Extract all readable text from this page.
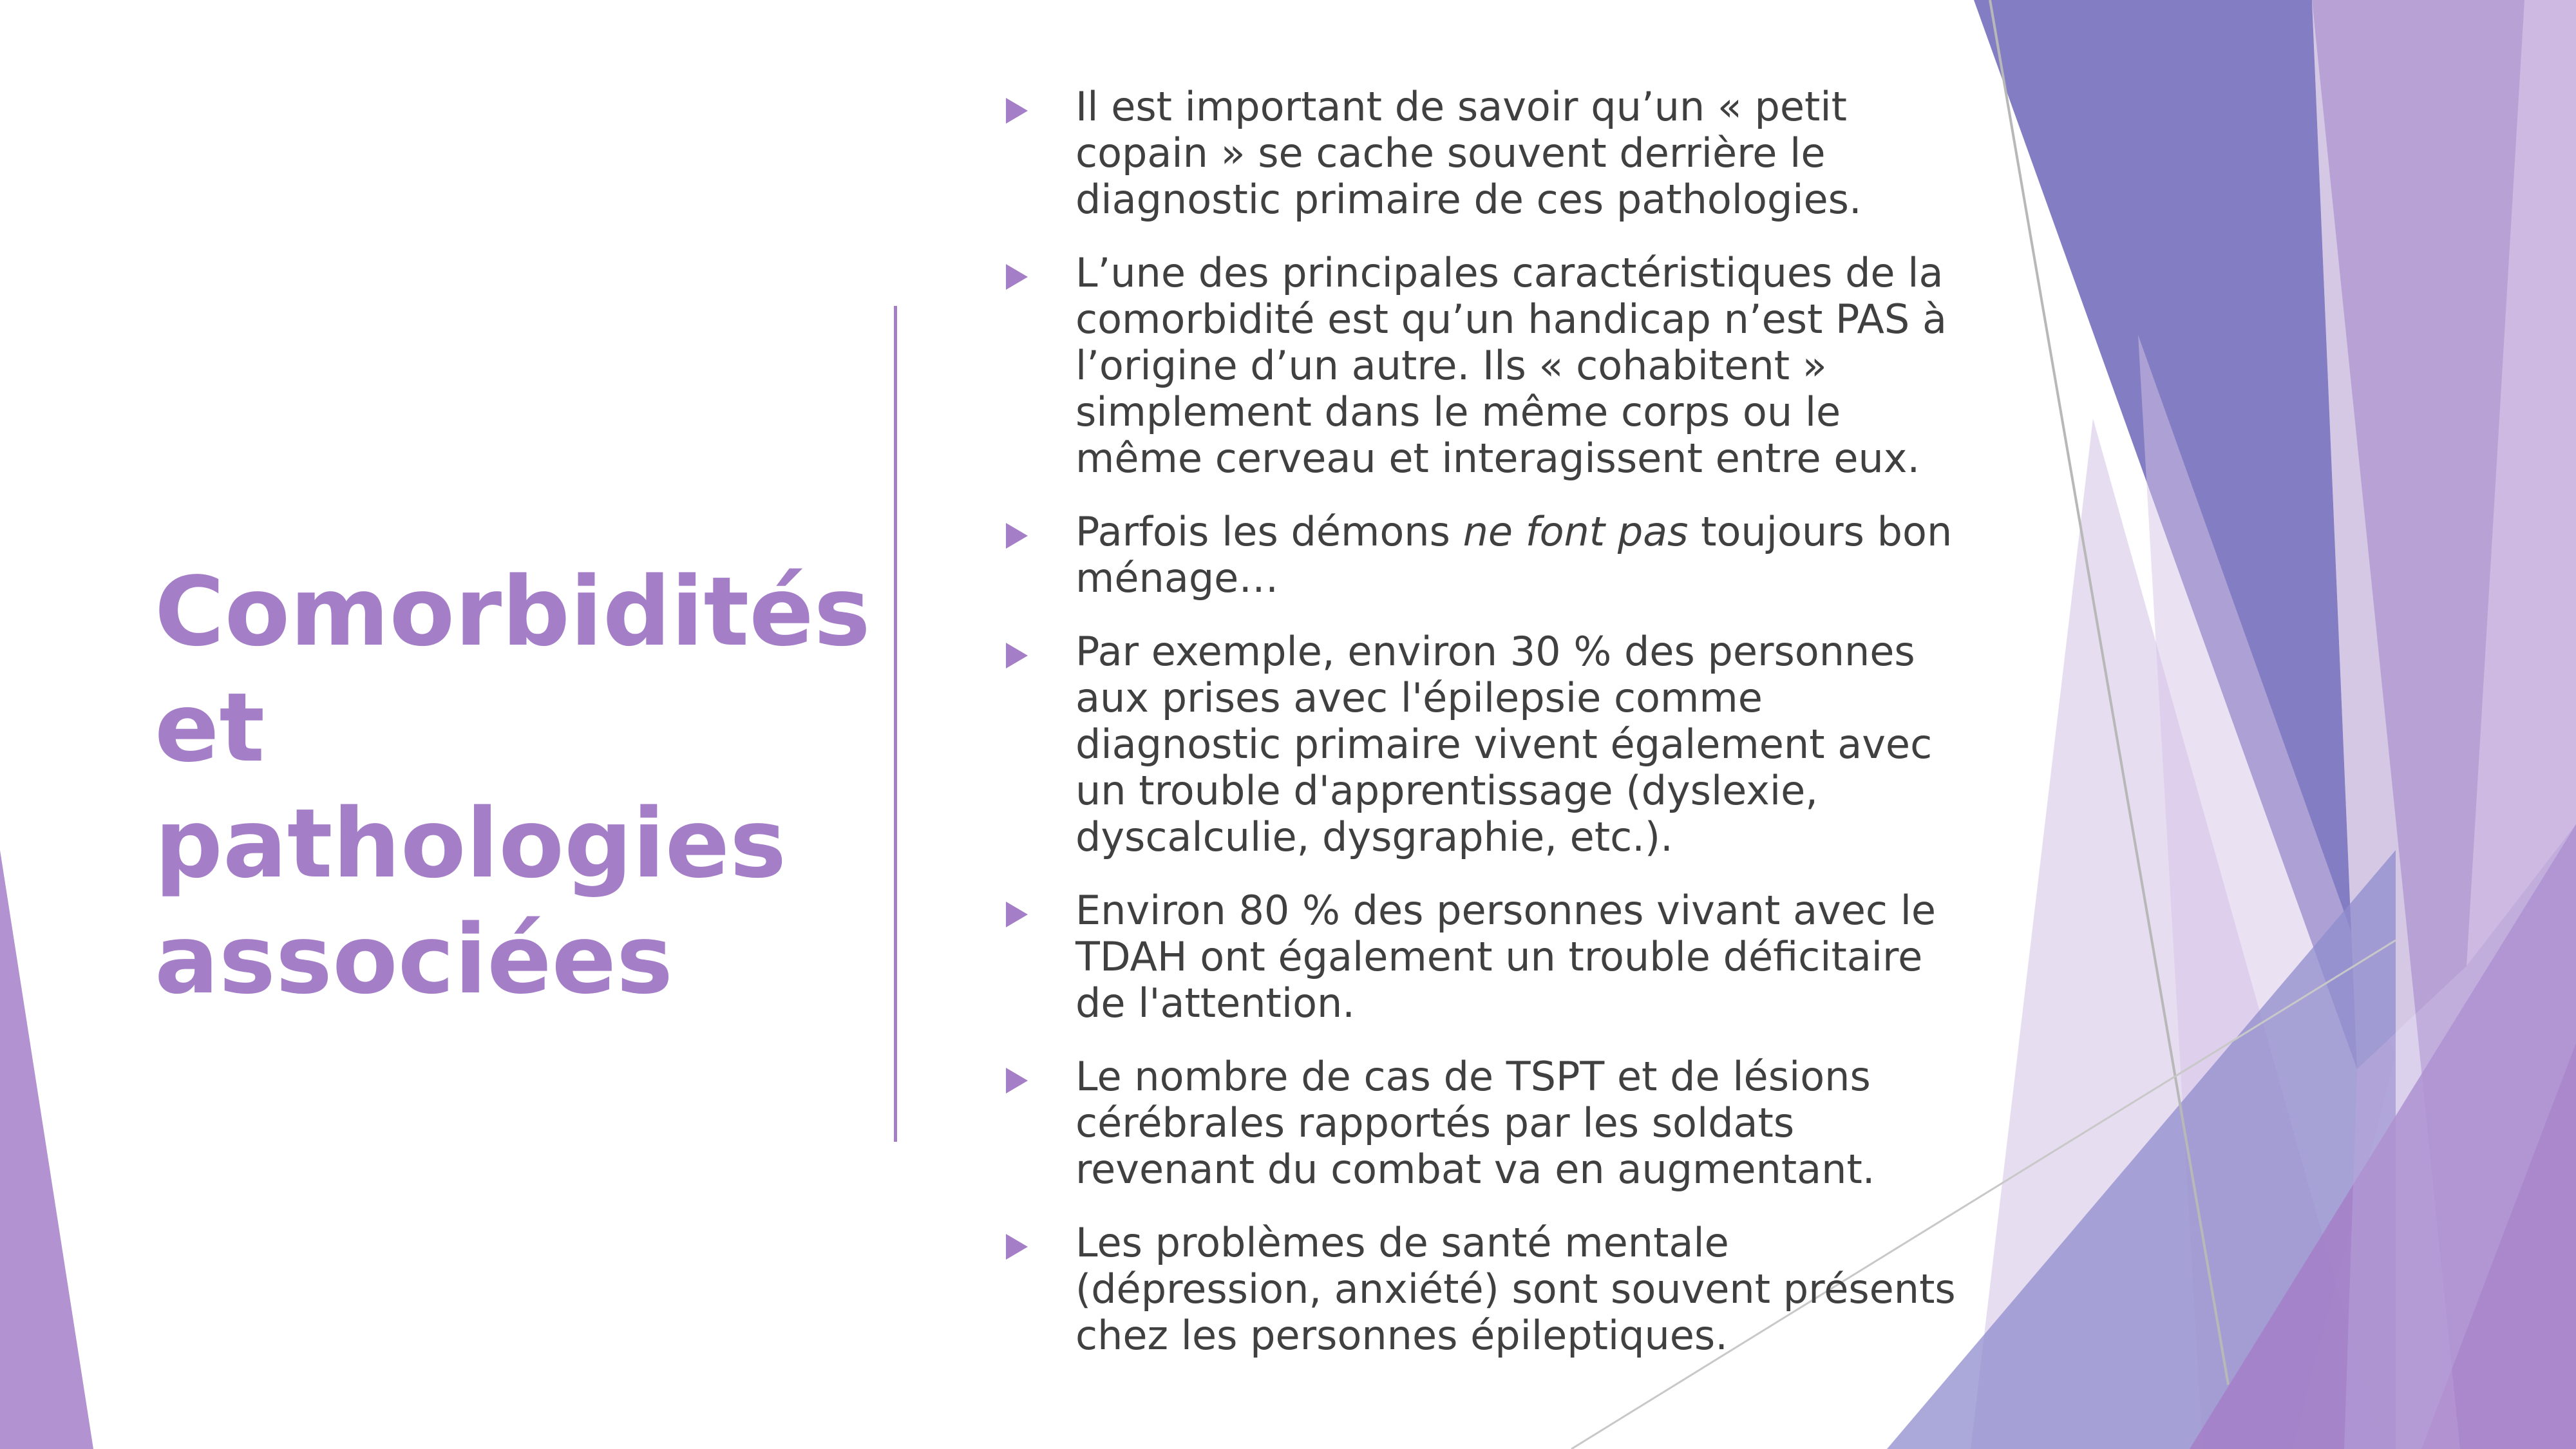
Comorbidités et pathologies associées
Il est important de savoir qu’un « petit copain » se cache souvent derrière le diagnostic primaire de ces pathologies.
L’une des principales caractéristiques de la comorbidité est qu’un handicap n’est PAS à l’origine d’un autre. Ils « cohabitent » simplement dans le même corps ou le même cerveau et interagissent entre eux.
Parfois les démons ne font pas toujours bon ménage…
Par exemple, environ 30 % des personnes aux prises avec l'épilepsie comme diagnostic primaire vivent également avec un trouble d'apprentissage (dyslexie, dyscalculie, dysgraphie, etc.).
Environ 80 % des personnes vivant avec le TDAH ont également un trouble déficitaire de l'attention.
Le nombre de cas de TSPT et de lésions cérébrales rapportés par les soldats revenant du combat va en augmentant.
Les problèmes de santé mentale (dépression, anxiété) sont souvent présents chez les personnes épileptiques.
